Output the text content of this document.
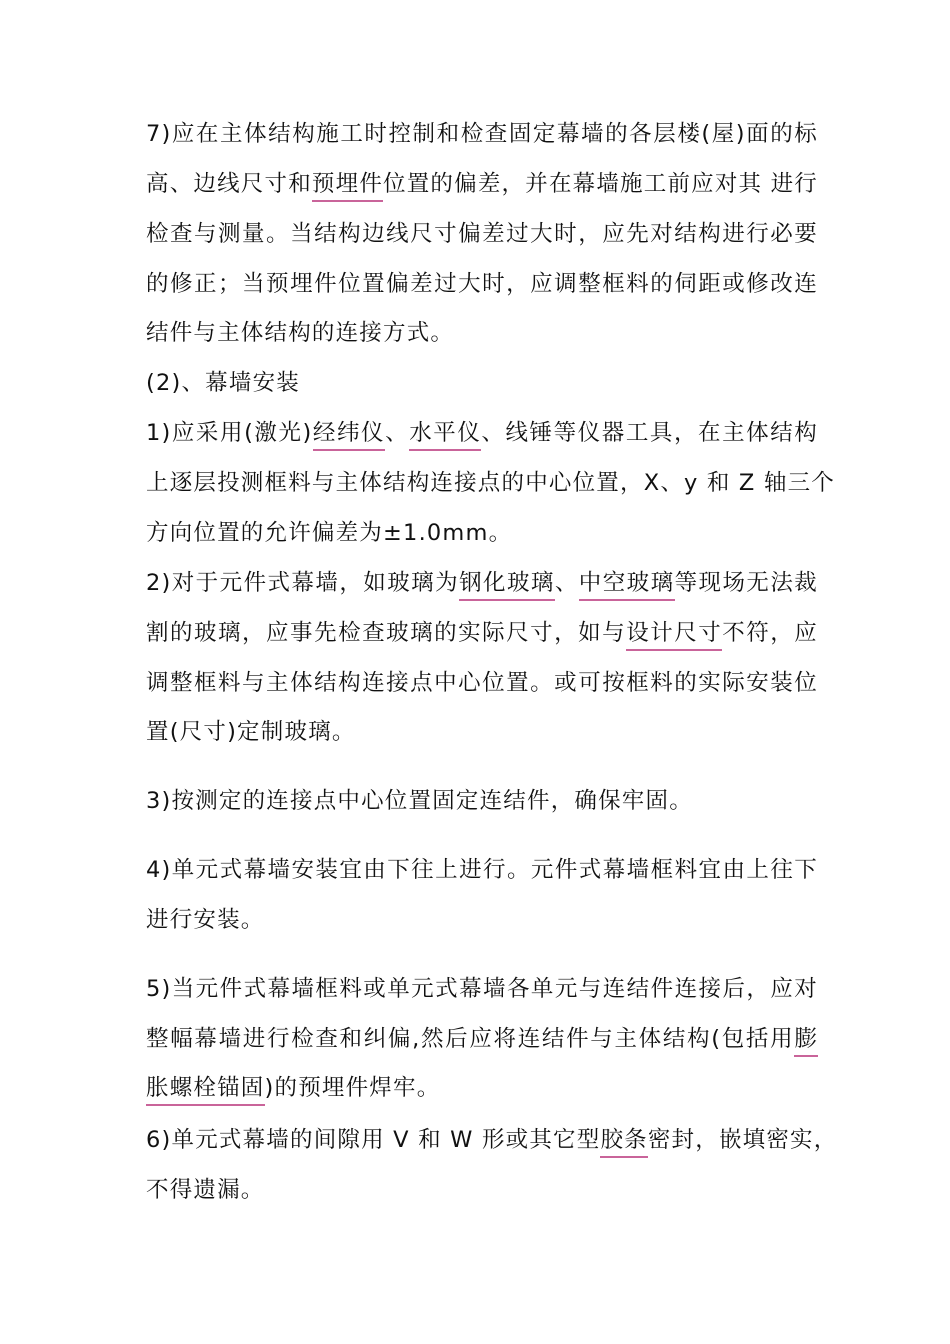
7)应在主体结构施工时控制和检查固定幕墙的各层楼(屋)面的标
高、边线尺寸和预埋件位置的偏差，并在幕墙施工前应对其 进行
检查与测量。当结构边线尺寸偏差过大时，应先对结构进行必要
的修正；当预埋件位置偏差过大时，应调整框料的伺距或修改连
结件与主体结构的连接方式。
(2)、幕墙安装
1)应采用(激光)经纬仪、水平仪、线锤等仪器工具，在主体结构
上逐层投测框料与主体结构连接点的中心位置，X、y 和 Z 轴三个
方向位置的允许偏差为±1.0mm。
2)对于元件式幕墙，如玻璃为钢化玻璃、中空玻璃等现场无法裁
割的玻璃，应事先检查玻璃的实际尺寸，如与设计尺寸不符，应
调整框料与主体结构连接点中心位置。或可按框料的实际安装位
置(尺寸)定制玻璃。
3)按测定的连接点中心位置固定连结件，确保牢固。
4)单元式幕墙安装宜由下往上进行。元件式幕墙框料宜由上往下
进行安装。
5)当元件式幕墙框料或单元式幕墙各单元与连结件连接后，应对
整幅幕墙进行检查和纠偏,然后应将连结件与主体结构(包括用膨
胀螺栓锚固)的预埋件焊牢。
6)单元式幕墙的间隙用 V 和 W 形或其它型胶条密封，嵌填密实，
不得遗漏。
